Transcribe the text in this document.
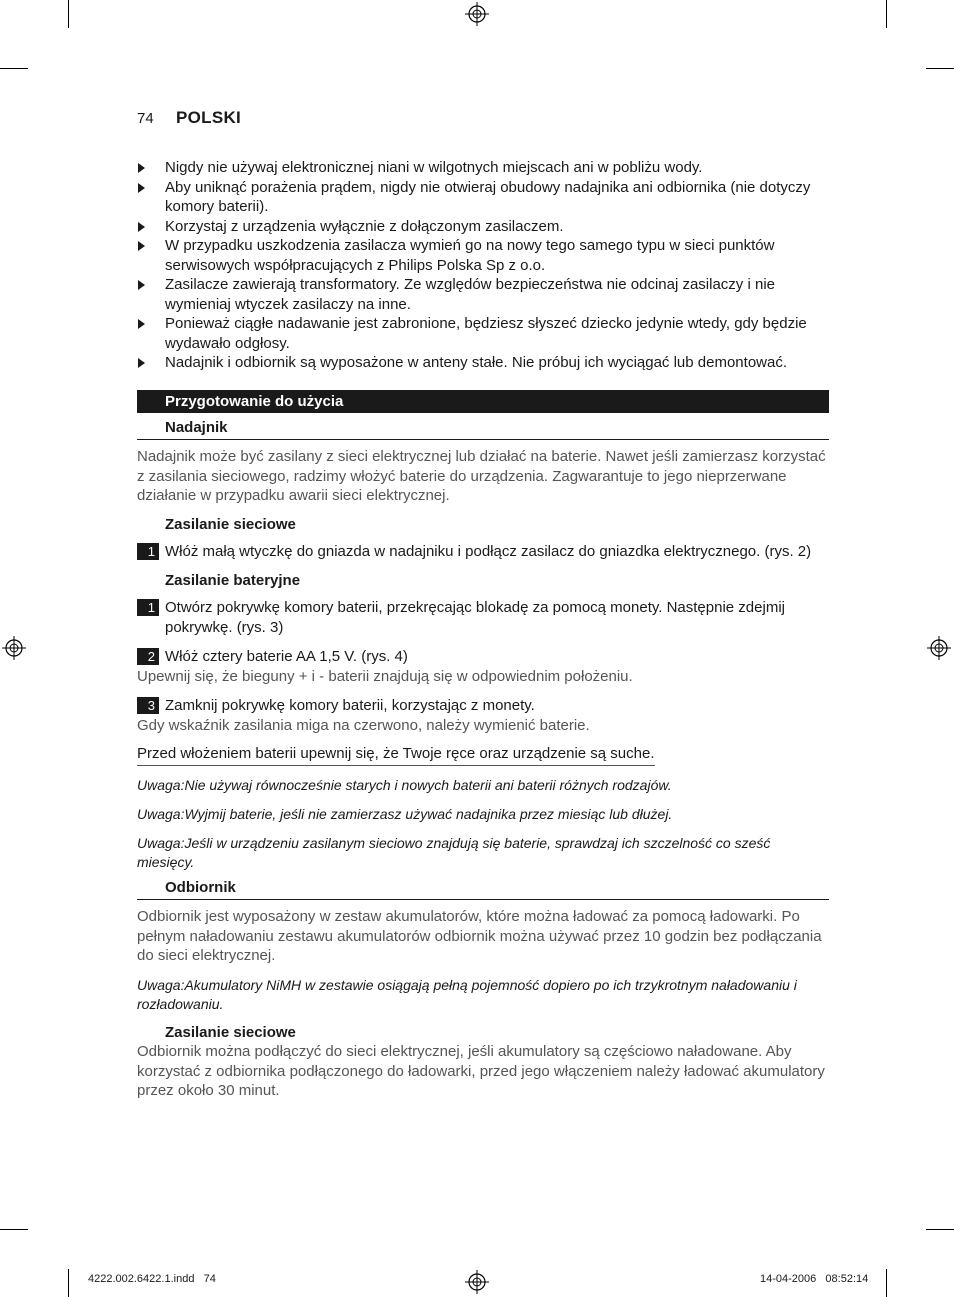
74 POLSKI
Nigdy nie używaj elektronicznej niani w wilgotnych miejscach ani w pobliżu wody.
Aby uniknąć porażenia prądem, nigdy nie otwieraj obudowy nadajnika ani odbiornika (nie dotyczy komory baterii).
Korzystaj z urządzenia wyłącznie z dołączonym zasilaczem.
W przypadku uszkodzenia zasilacza wymień go na nowy tego samego typu w sieci punktów serwisowych współpracujących z Philips Polska Sp z o.o.
Zasilacze zawierają transformatory. Ze względów bezpieczeństwa nie odcinaj zasilaczy i nie wymieniaj wtyczek zasilaczy na inne.
Ponieważ ciągłe nadawanie jest zabronione, będziesz słyszeć dziecko jedynie wtedy, gdy będzie wydawało odgłosy.
Nadajnik i odbiornik są wyposażone w anteny stałe. Nie próbuj ich wyciągać lub demontować.
Przygotowanie do użycia
Nadajnik
Nadajnik może być zasilany z sieci elektrycznej lub działać na baterie. Nawet jeśli zamierzasz korzystać z zasilania sieciowego, radzimy włożyć baterie do urządzenia. Zagwarantuje to jego nieprzerwane działanie w przypadku awarii sieci elektrycznej.
Zasilanie sieciowe
1 Włóż małą wtyczkę do gniazda w nadajniku i podłącz zasilacz do gniazdka elektrycznego. (rys. 2)
Zasilanie bateryjne
1 Otwórz pokrywkę komory baterii, przekręcając blokadę za pomocą monety. Następnie zdejmij pokrywkę. (rys. 3)
2 Włóż cztery baterie AA 1,5 V. (rys. 4)
Upewnij się, że bieguny + i - baterii znajdują się w odpowiednim położeniu.
3 Zamknij pokrywkę komory baterii, korzystając z monety.
Gdy wskaźnik zasilania miga na czerwono, należy wymienić baterie.
Przed włożeniem baterii upewnij się, że Twoje ręce oraz urządzenie są suche.
Uwaga:Nie używaj równocześnie starych i nowych baterii ani baterii różnych rodzajów.
Uwaga:Wyjmij baterie, jeśli nie zamierzasz używać nadajnika przez miesiąc lub dłużej.
Uwaga:Jeśli w urządzeniu zasilanym sieciowo znajdują się baterie, sprawdzaj ich szczelność co sześć miesięcy.
Odbiornik
Odbiornik jest wyposażony w zestaw akumulatorów, które można ładować za pomocą ładowarki. Po pełnym naładowaniu zestawu akumulatorów odbiornik można używać przez 10 godzin bez podłączania do sieci elektrycznej.
Uwaga:Akumulatory NiMH w zestawie osiągają pełną pojemność dopiero po ich trzykrotnym naładowaniu i rozładowaniu.
Zasilanie sieciowe
Odbiornik można podłączyć do sieci elektrycznej, jeśli akumulatory są częściowo naładowane. Aby korzystać z odbiornika podłączonego do ładowarki, przed jego włączeniem należy ładować akumulatory przez około 30 minut.
4222.002.6422.1.indd   74	14-04-2006   08:52:14
